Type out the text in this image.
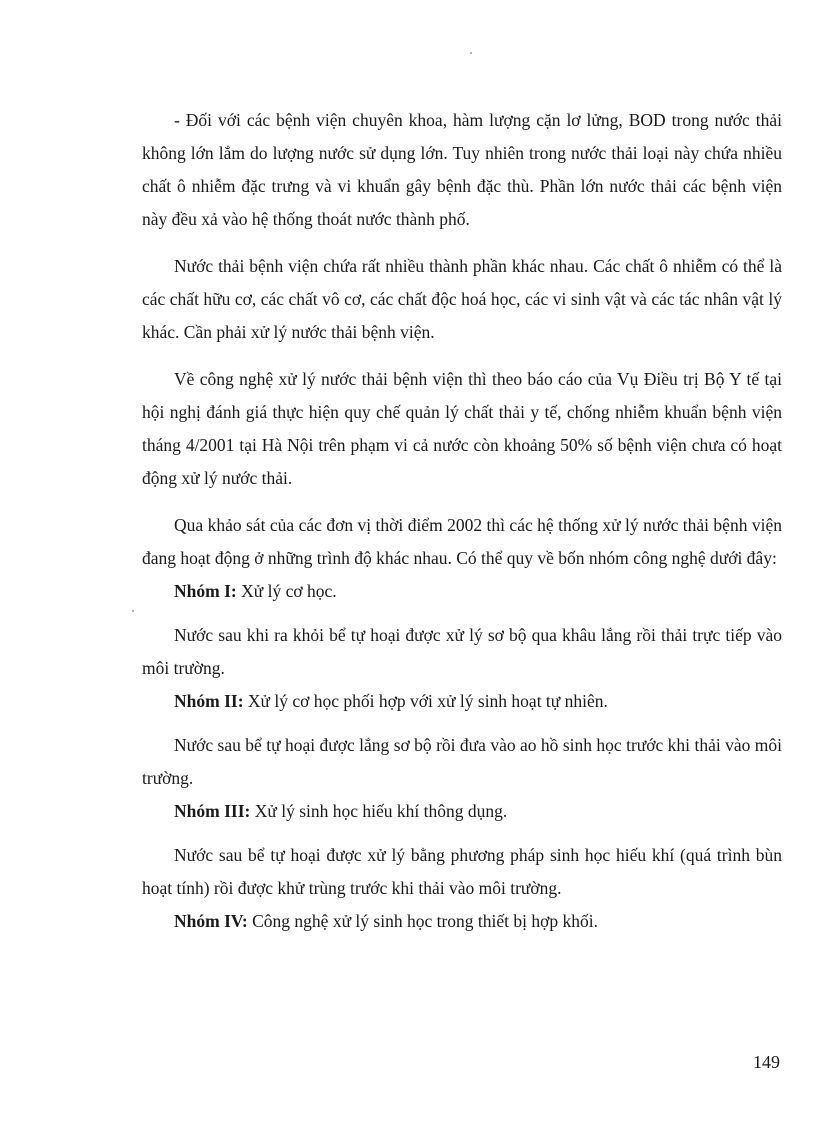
- Đối với các bệnh viện chuyên khoa, hàm lượng cặn lơ lửng, BOD trong nước thải không lớn lắm do lượng nước sử dụng lớn. Tuy nhiên trong nước thải loại này chứa nhiều chất ô nhiễm đặc trưng và vi khuẩn gây bệnh đặc thù. Phần lớn nước thải các bệnh viện này đều xả vào hệ thống thoát nước thành phố.

Nước thải bệnh viện chứa rất nhiều thành phần khác nhau. Các chất ô nhiễm có thể là các chất hữu cơ, các chất vô cơ, các chất độc hoá học, các vi sinh vật và các tác nhân vật lý khác. Cần phải xử lý nước thải bệnh viện.

Về công nghệ xử lý nước thải bệnh viện thì theo báo cáo của Vụ Điều trị Bộ Y tế tại hội nghị đánh giá thực hiện quy chế quản lý chất thải y tế, chống nhiễm khuẩn bệnh viện tháng 4/2001 tại Hà Nội trên phạm vi cả nước còn khoảng 50% số bệnh viện chưa có hoạt động xử lý nước thải.

Qua khảo sát của các đơn vị thời điểm 2002 thì các hệ thống xử lý nước thải bệnh viện đang hoạt động ở những trình độ khác nhau. Có thể quy về bốn nhóm công nghệ dưới đây:

Nhóm I: Xử lý cơ học.

Nước sau khi ra khỏi bể tự hoại được xử lý sơ bộ qua khâu lắng rồi thải trực tiếp vào môi trường.

Nhóm II: Xử lý cơ học phối hợp với xử lý sinh hoạt tự nhiên.

Nước sau bể tự hoại được lắng sơ bộ rồi đưa vào ao hồ sinh học trước khi thải vào môi trường.

Nhóm III: Xử lý sinh học hiếu khí thông dụng.

Nước sau bể tự hoại được xử lý bằng phương pháp sinh học hiếu khí (quá trình bùn hoạt tính) rồi được khử trùng trước khi thải vào môi trường.

Nhóm IV: Công nghệ xử lý sinh học trong thiết bị hợp khối.

149
